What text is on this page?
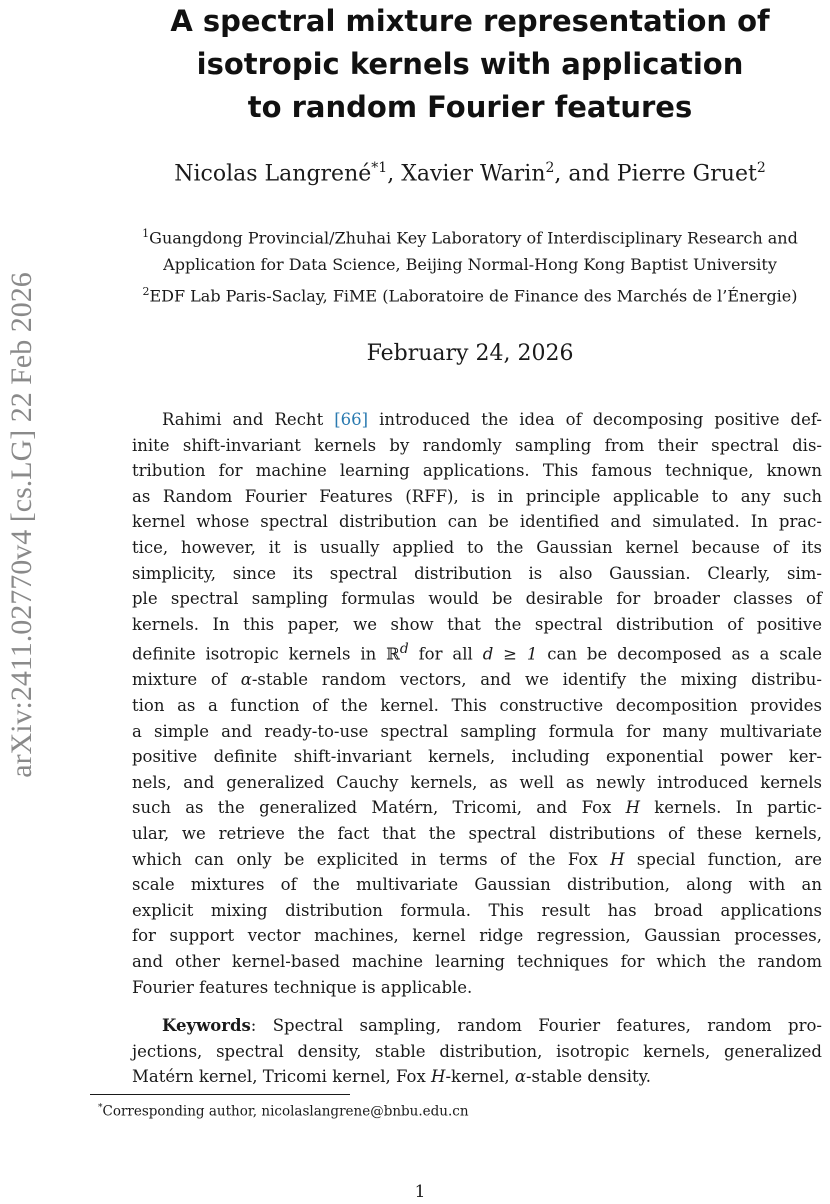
arXiv:2411.02770v4 [cs.LG] 22 Feb 2026
A spectral mixture representation of
isotropic kernels with application
to random Fourier features
Nicolas Langrené$^{*1}$, Xavier Warin$^2$, and Pierre Gruet$^2$
$^1$Guangdong Provincial/Zhuhai Key Laboratory of Interdisciplinary Research and
Application for Data Science, Beijing Normal-Hong Kong Baptist University
$^2$EDF Lab Paris-Saclay, FiME (Laboratoire de Finance des Marchés de l’Énergie)
February 24, 2026
Rahimi and Recht [66] introduced the idea of decomposing positive def-
inite shift-invariant kernels by randomly sampling from their spectral dis-
tribution for machine learning applications. This famous technique, known
as Random Fourier Features (RFF), is in principle applicable to any such
kernel whose spectral distribution can be identified and simulated. In prac-
tice, however, it is usually applied to the Gaussian kernel because of its
simplicity, since its spectral distribution is also Gaussian. Clearly, sim-
ple spectral sampling formulas would be desirable for broader classes of
kernels. In this paper, we show that the spectral distribution of positive
definite isotropic kernels in ℝ$^d$ for all d ≥ 1 can be decomposed as a scale
mixture of α-stable random vectors, and we identify the mixing distribu-
tion as a function of the kernel. This constructive decomposition provides
a simple and ready-to-use spectral sampling formula for many multivariate
positive definite shift-invariant kernels, including exponential power ker-
nels, and generalized Cauchy kernels, as well as newly introduced kernels
such as the generalized Matérn, Tricomi, and Fox H kernels. In partic-
ular, we retrieve the fact that the spectral distributions of these kernels,
which can only be explicited in terms of the Fox H special function, are
scale mixtures of the multivariate Gaussian distribution, along with an
explicit mixing distribution formula. This result has broad applications
for support vector machines, kernel ridge regression, Gaussian processes,
and other kernel-based machine learning techniques for which the random
Fourier features technique is applicable.
Keywords: Spectral sampling, random Fourier features, random pro-
jections, spectral density, stable distribution, isotropic kernels, generalized
Matérn kernel, Tricomi kernel, Fox H-kernel, α-stable density.
*Corresponding author, nicolaslangrene@bnbu.edu.cn
1
